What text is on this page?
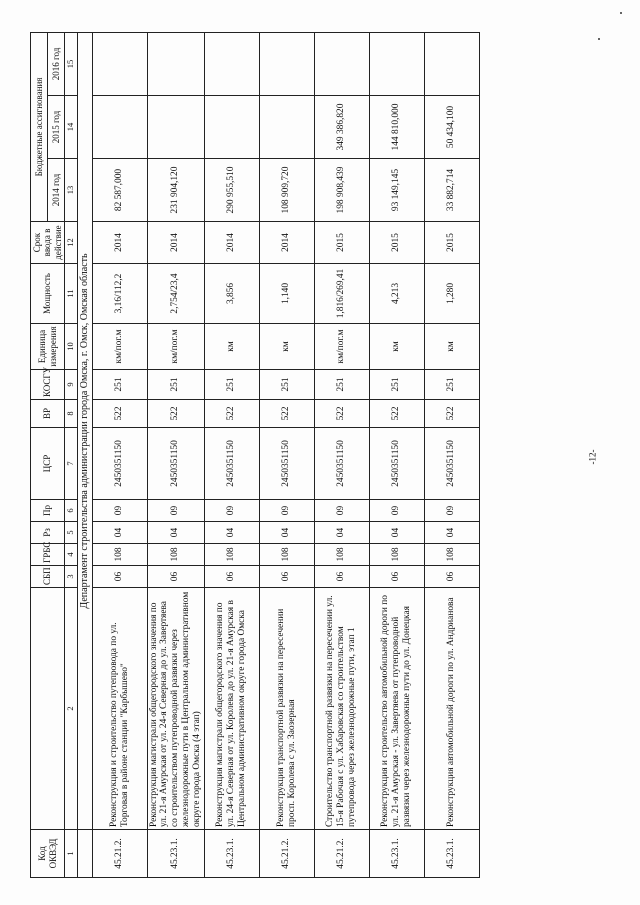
Код ОКВЭД		СБП	ГРБС	Рз	Пр	ЦСР	ВР	КОСГУ	Единица измерения	Мощность	Срок ввода в действие	Бюджетные ассигнования		
												2014 год	2015 год	2016 год
1	2	3	4	5	6	7	8	9	10	11	12	13	14	15
	Департамент строительства администрации города Омска, г. Омск, Омская область													
45.21.2.	Реконструкция и строительство путепровода по ул. Торговая в районе станции "Карбышево"	06	108	04	09	2450351150	522	251	км/пог.м	3,16/112,2	2014	82 587,000		
45.23.1.	Реконструкция магистрали общегородского значения по ул. 21-я Амурская от ул. 24-я Северная до ул. Завертяева со строительством путепроводной развязки через железнодорожные пути в Центральном административном округе города Омска (4 этап)	06	108	04	09	2450351150	522	251	км/пог.м	2,754/23,4	2014	231 904,120		
45.23.1.	Реконструкция магистрали общегородского значения по ул. 24-я Северная от ул. Королева до ул. 21-я Амурская в Центральном административном округе города Омска	06	108	04	09	2450351150	522	251	км	3,856	2014	290 955,510		
45.21.2.	Реконструкция транспортной развязки на пересечении просп. Королева с ул. Заозерная	06	108	04	09	2450351150	522	251	км	1,140	2014	108 909,720		
45.21.2.	Строительство транспортной развязки на пересечении ул. 15-я Рабочая с ул. Хабаровская со строительством путепровода через железнодорожные пути, этап 1	06	108	04	09	2450351150	522	251	км/пог.м	1,816/269,41	2015	198 908,439	349 386,820	
45.23.1.	Реконструкция и строительство автомобильной дороги по ул. 21-я Амурская - ул. Завертяева от путепроводной развязки через железнодорожные пути до ул. Донецкая	06	108	04	09	2450351150	522	251	км	4,213	2015	93 149,145	144 810,000	
45.23.1.	Реконструкция автомобильной дороги по ул. Андрианова	06	108	04	09	2450351150	522	251	км	1,280	2015	33 882,714	50 434,100	
-12-
